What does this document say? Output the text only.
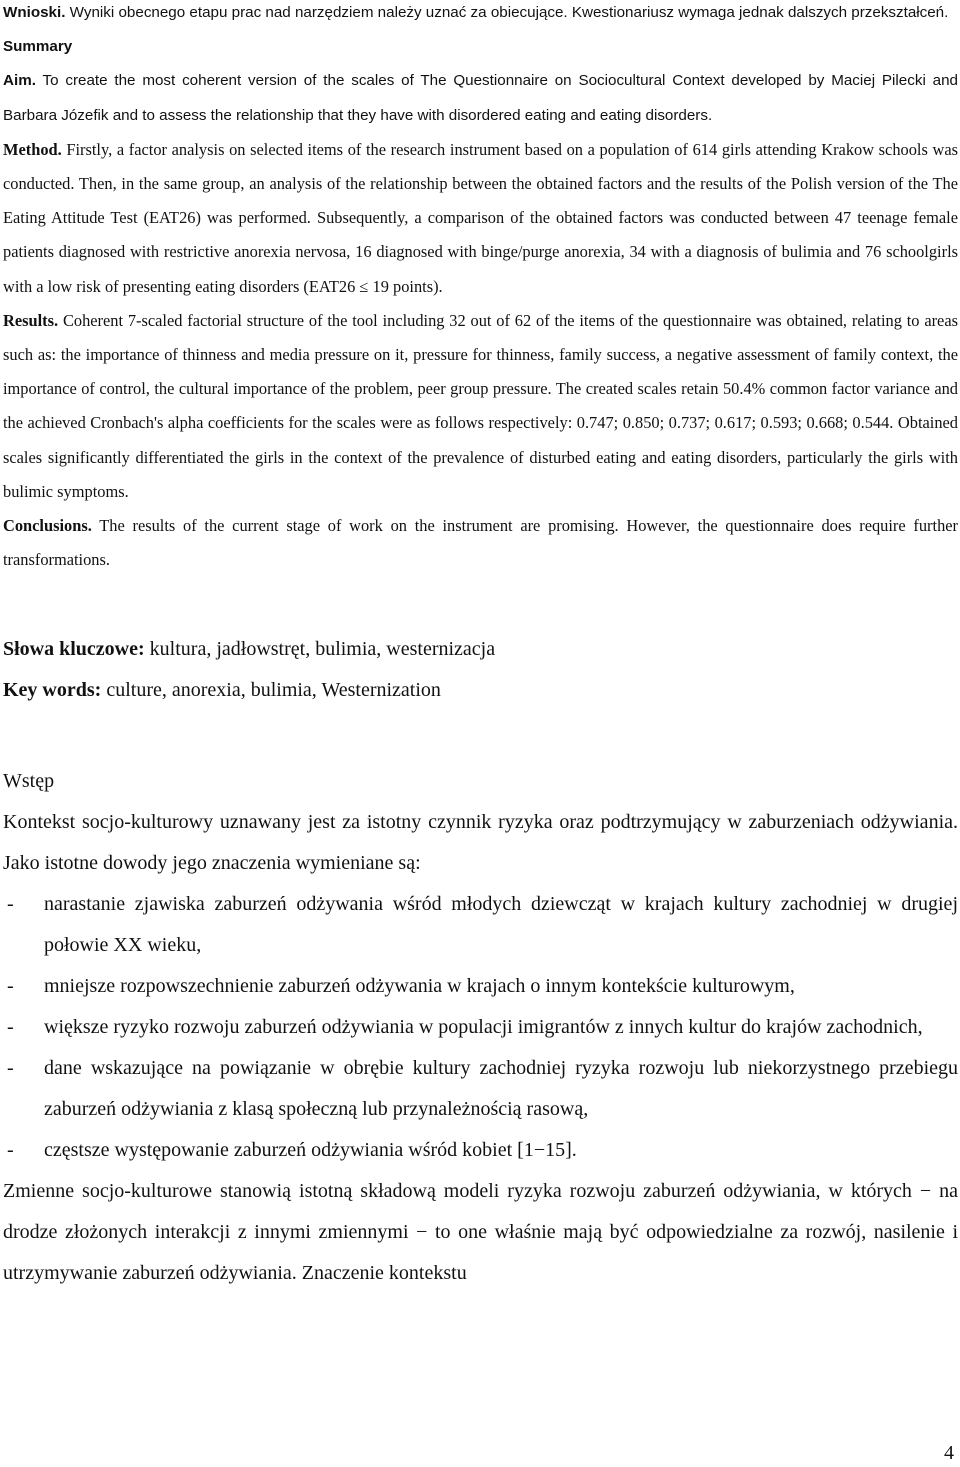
Wnioski. Wyniki obecnego etapu prac nad narzędziem należy uznać za obiecujące. Kwestionariusz wymaga jednak dalszych przekształceń.

Summary

Aim. To create the most coherent version of the scales of The Questionnaire on Sociocultural Context developed by Maciej Pilecki and Barbara Józefik and to assess the relationship that they have with disordered eating and eating disorders.

Method. Firstly, a factor analysis on selected items of the research instrument based on a population of 614 girls attending Krakow schools was conducted. Then, in the same group, an analysis of the relationship between the obtained factors and the results of the Polish version of the The Eating Attitude Test (EAT26) was performed. Subsequently, a comparison of the obtained factors was conducted between 47 teenage female patients diagnosed with restrictive anorexia nervosa, 16 diagnosed with binge/purge anorexia, 34 with a diagnosis of bulimia and 76 schoolgirls with a low risk of presenting eating disorders (EAT26 ≤ 19 points).

Results. Coherent 7-scaled factorial structure of the tool including 32 out of 62 of the items of the questionnaire was obtained, relating to areas such as: the importance of thinness and media pressure on it, pressure for thinness, family success, a negative assessment of family context, the importance of control, the cultural importance of the problem, peer group pressure. The created scales retain 50.4% common factor variance and the achieved Cronbach's alpha coefficients for the scales were as follows respectively: 0.747; 0.850; 0.737; 0.617; 0.593; 0.668; 0.544. Obtained scales significantly differentiated the girls in the context of the prevalence of disturbed eating and eating disorders, particularly the girls with bulimic symptoms.

Conclusions. The results of the current stage of work on the instrument are promising. However, the questionnaire does require further transformations.

Słowa kluczowe: kultura, jadłowstręt, bulimia, westernizacja

Key words: culture, anorexia, bulimia, Westernization

Wstęp

Kontekst socjo-kulturowy uznawany jest za istotny czynnik ryzyka oraz podtrzymujący w zaburzeniach odżywiania. Jako istotne dowody jego znaczenia wymieniane są:

- narastanie zjawiska zaburzeń odżywania wśród młodych dziewcząt w krajach kultury zachodniej w drugiej połowie XX wieku,
- mniejsze rozpowszechnienie zaburzeń odżywania w krajach o innym kontekście kulturowym,
- większe ryzyko rozwoju zaburzeń odżywiania w populacji imigrantów z innych kultur do krajów zachodnich,
- dane wskazujące na powiązanie w obrębie kultury zachodniej ryzyka rozwoju lub niekorzystnego przebiegu zaburzeń odżywiania z klasą społeczną lub przynależnością rasową,
- częstsze występowanie zaburzeń odżywiania wśród kobiet [1−15].

Zmienne socjo-kulturowe stanowią istotną składową modeli ryzyka rozwoju zaburzeń odżywiania, w których − na drodze złożonych interakcji z innymi zmiennymi − to one właśnie mają być odpowiedzialne za rozwój, nasilenie i utrzymywanie zaburzeń odżywiania. Znaczenie kontekstu

4
